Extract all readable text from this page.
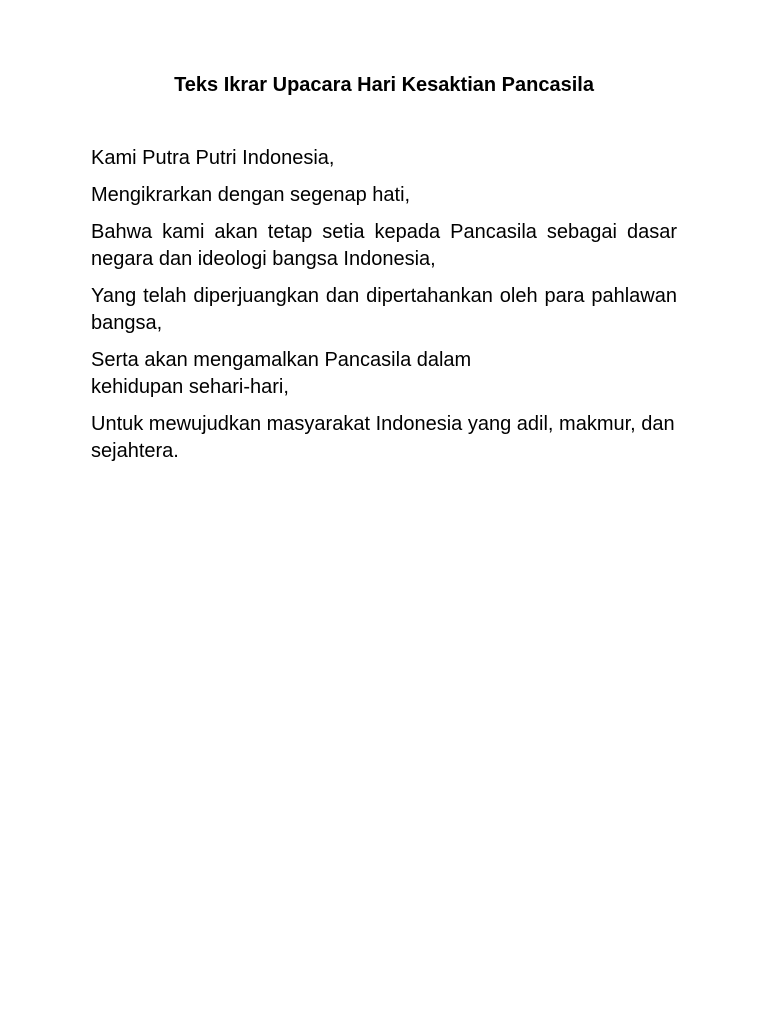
Teks Ikrar Upacara Hari Kesaktian Pancasila

Kami Putra Putri Indonesia,

Mengikrarkan dengan segenap hati,

Bahwa kami akan tetap setia kepada Pancasila sebagai dasar negara dan ideologi bangsa Indonesia,

Yang telah diperjuangkan dan dipertahankan oleh para pahlawan bangsa,

Serta akan mengamalkan Pancasila dalam
kehidupan sehari-hari,

Untuk mewujudkan masyarakat Indonesia yang adil, makmur, dan sejahtera.
